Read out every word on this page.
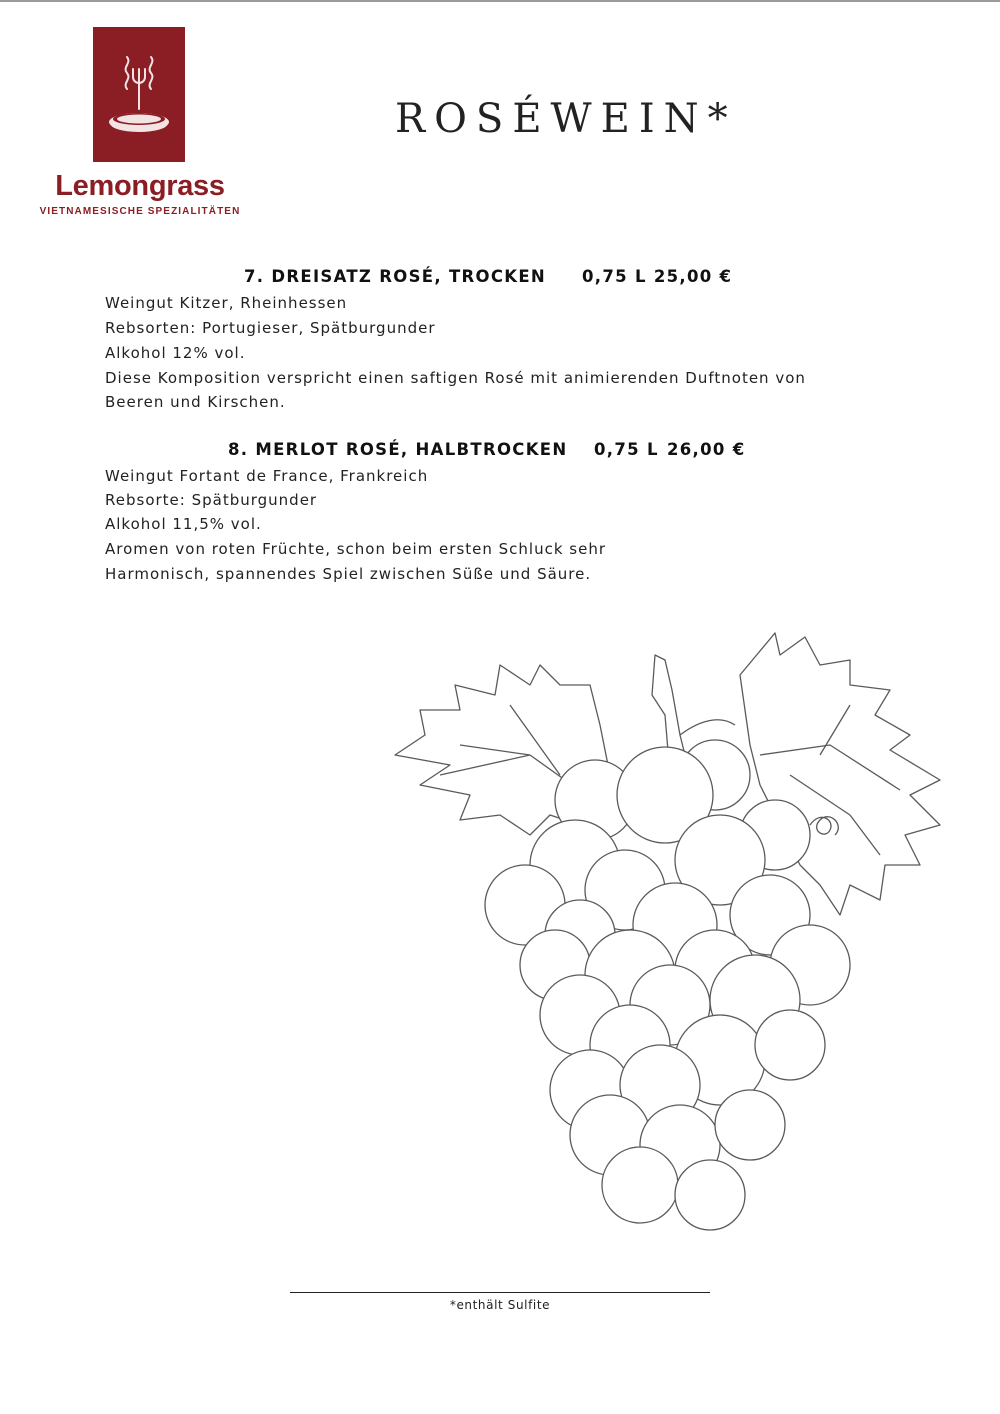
Lemongrass
VIETNAMESISCHE SPEZIALITÄTEN
ROSÉWEIN*
7. DREISATZ ROSÉ, TROCKEN 0,75 L 25,00 €
Weingut Kitzer, Rheinhessen
Rebsorten: Portugieser, Spätburgunder
Alkohol 12% vol.
Diese Komposition verspricht einen saftigen Rosé mit animierenden Duftnoten von
Beeren und Kirschen.
8. MERLOT ROSÉ, HALBTROCKEN 0,75 L 26,00 €
Weingut Fortant de France, Frankreich
Rebsorte: Spätburgunder
Alkohol 11,5% vol.
Aromen von roten Früchte, schon beim ersten Schluck sehr
Harmonisch, spannendes Spiel zwischen Süße und Säure.
*enthält Sulfite
